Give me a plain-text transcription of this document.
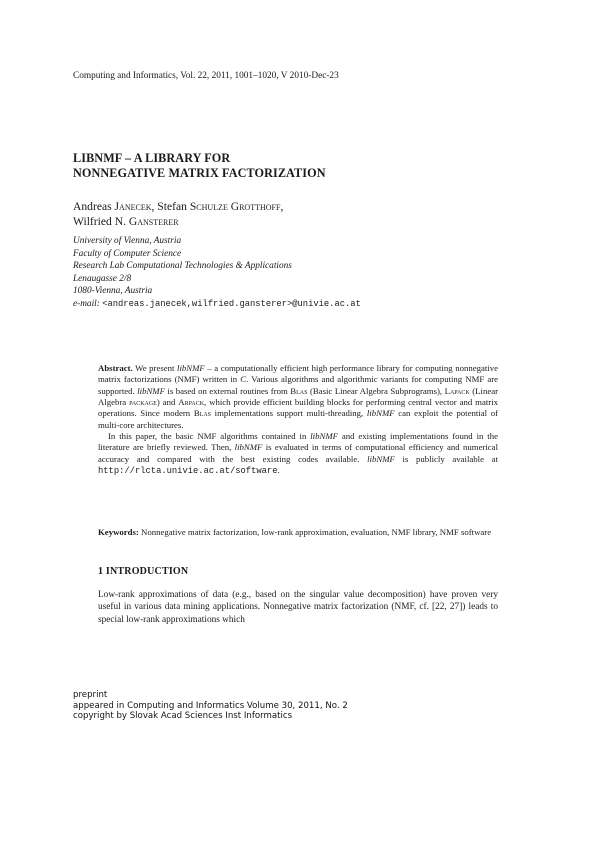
Computing and Informatics, Vol. 22, 2011, 1001–1020, V 2010-Dec-23
LIBNMF – A LIBRARY FOR
NONNEGATIVE MATRIX FACTORIZATION
Andreas Janecek, Stefan Schulze Grotthoff,
Wilfried N. Gansterer
University of Vienna, Austria
Faculty of Computer Science
Research Lab Computational Technologies & Applications
Lenaugasse 2/8
1080-Vienna, Austria
e-mail: <andreas.janecek,wilfried.gansterer>@univie.ac.at

Abstract. We present libNMF – a computationally efficient high performance library for computing nonnegative matrix factorizations (NMF) written in C. Various algorithms and algorithmic variants for computing NMF are supported. libNMF is based on external routines from Blas (Basic Linear Algebra Subprograms), Lapack (Linear Algebra package) and Arpack, which provide efficient building blocks for performing central vector and matrix operations. Since modern Blas implementations support multi-threading, libNMF can exploit the potential of multi-core architectures.

In this paper, the basic NMF algorithms contained in libNMF and existing implementations found in the literature are briefly reviewed. Then, libNMF is evaluated in terms of computational efficiency and numerical accuracy and compared with the best existing codes available. libNMF is publicly available at http://rlcta.univie.ac.at/software.

Keywords: Nonnegative matrix factorization, low-rank approximation, evaluation, NMF library, NMF software
1 INTRODUCTION

Low-rank approximations of data (e.g., based on the singular value decomposition) have proven very useful in various data mining applications. Nonnegative matrix factorization (NMF, cf. [22, 27]) leads to special low-rank approximations which

preprint
appeared in Computing and Informatics Volume 30, 2011, No. 2
copyright by Slovak Acad Sciences Inst Informatics
